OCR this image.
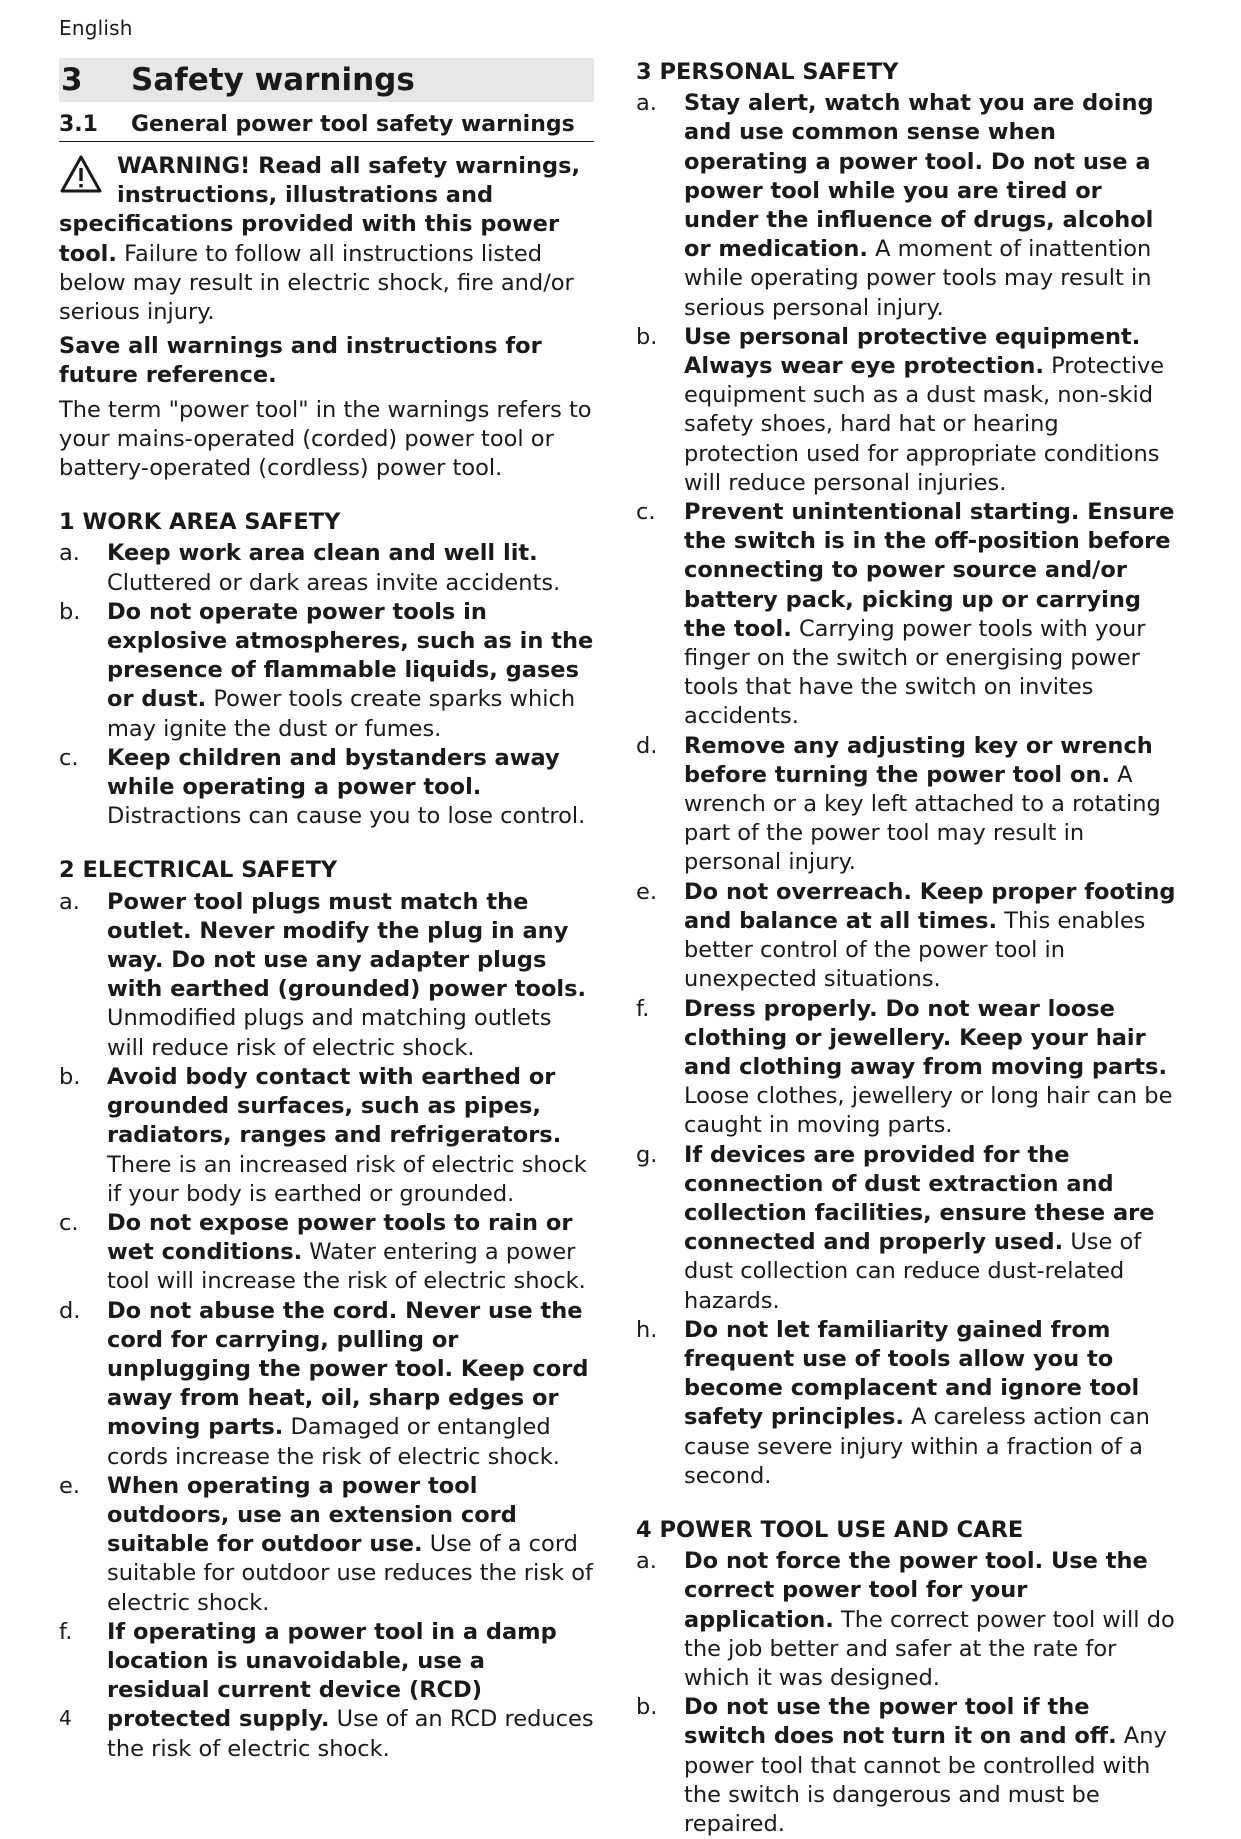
English
3	Safety warnings
3.1	General power tool safety warnings

WARNING! Read all safety warnings, instructions, illustrations and specifications provided with this power tool. Failure to follow all instructions listed below may result in electric shock, fire and/or serious injury.

Save all warnings and instructions for future reference.

The term "power tool" in the warnings refers to your mains-operated (corded) power tool or battery-operated (cordless) power tool.

1 WORK AREA SAFETY
a.	Keep work area clean and well lit. Cluttered or dark areas invite accidents.
b.	Do not operate power tools in explosive atmospheres, such as in the presence of flammable liquids, gases or dust. Power tools create sparks which may ignite the dust or fumes.
c.	Keep children and bystanders away while operating a power tool. Distractions can cause you to lose control.
2 ELECTRICAL SAFETY
a.	Power tool plugs must match the outlet. Never modify the plug in any way. Do not use any adapter plugs with earthed (grounded) power tools. Unmodified plugs and matching outlets will reduce risk of electric shock.
b.	Avoid body contact with earthed or grounded surfaces, such as pipes, radiators, ranges and refrigerators. There is an increased risk of electric shock if your body is earthed or grounded.
c.	Do not expose power tools to rain or wet conditions. Water entering a power tool will increase the risk of electric shock.
d.	Do not abuse the cord. Never use the cord for carrying, pulling or unplugging the power tool. Keep cord away from heat, oil, sharp edges or moving parts. Damaged or entangled cords increase the risk of electric shock.
e.	When operating a power tool outdoors, use an extension cord suitable for outdoor use. Use of a cord suitable for outdoor use reduces the risk of electric shock.
f.	If operating a power tool in a damp location is unavoidable, use a residual current device (RCD) protected supply. Use of an RCD reduces the risk of electric shock.
3 PERSONAL SAFETY
a.	Stay alert, watch what you are doing and use common sense when operating a power tool. Do not use a power tool while you are tired or under the influence of drugs, alcohol or medication. A moment of inattention while operating power tools may result in serious personal injury.
b.	Use personal protective equipment. Always wear eye protection. Protective equipment such as a dust mask, non-skid safety shoes, hard hat or hearing protection used for appropriate conditions will reduce personal injuries.
c.	Prevent unintentional starting. Ensure the switch is in the off-position before connecting to power source and/or battery pack, picking up or carrying the tool. Carrying power tools with your finger on the switch or energising power tools that have the switch on invites accidents.
d.	Remove any adjusting key or wrench before turning the power tool on. A wrench or a key left attached to a rotating part of the power tool may result in personal injury.
e.	Do not overreach. Keep proper footing and balance at all times. This enables better control of the power tool in unexpected situations.
f.	Dress properly. Do not wear loose clothing or jewellery. Keep your hair and clothing away from moving parts. Loose clothes, jewellery or long hair can be caught in moving parts.
g.	If devices are provided for the connection of dust extraction and collection facilities, ensure these are connected and properly used. Use of dust collection can reduce dust-related hazards.
h.	Do not let familiarity gained from frequent use of tools allow you to become complacent and ignore tool safety principles. A careless action can cause severe injury within a fraction of a second.
4 POWER TOOL USE AND CARE
a.	Do not force the power tool. Use the correct power tool for your application. The correct power tool will do the job better and safer at the rate for which it was designed.
b.	Do not use the power tool if the switch does not turn it on and off. Any power tool that cannot be controlled with the switch is dangerous and must be repaired.
4
